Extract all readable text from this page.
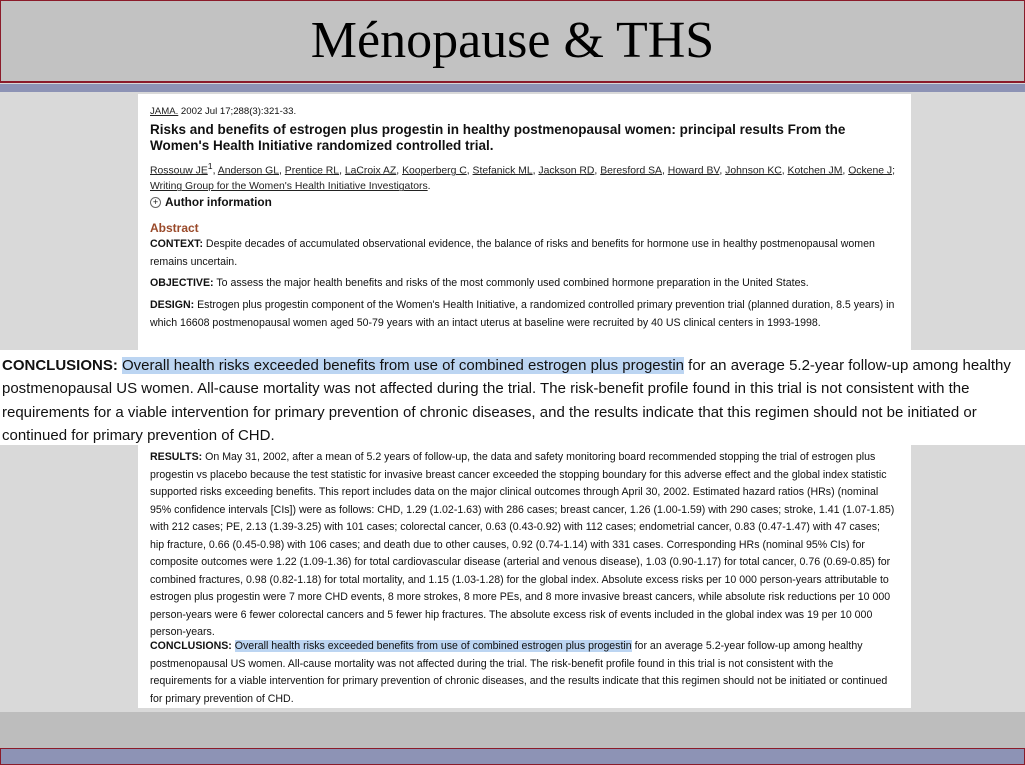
Ménopause & THS
JAMA. 2002 Jul 17;288(3):321-33.
Risks and benefits of estrogen plus progestin in healthy postmenopausal women: principal results From the Women's Health Initiative randomized controlled trial.
Rossouw $JE^1$, Anderson GL, Prentice RL, LaCroix AZ, Kooperberg C, Stefanick ML, Jackson RD, Beresford SA, Howard BV, Johnson KC, Kotchen JM, Ockene J; Writing Group for the Women's Health Initiative Investigators.
+ Author information
Abstract
CONTEXT: Despite decades of accumulated observational evidence, the balance of risks and benefits for hormone use in healthy postmenopausal women remains uncertain.
OBJECTIVE: To assess the major health benefits and risks of the most commonly used combined hormone preparation in the United States.
DESIGN: Estrogen plus progestin component of the Women's Health Initiative, a randomized controlled primary prevention trial (planned duration, 8.5 years) in which 16608 postmenopausal women aged 50-79 years with an intact uterus at baseline were recruited by 40 US clinical centers in 1993-1998.

CONCLUSIONS: Overall health risks exceeded benefits from use of combined estrogen plus progestin for an average 5.2-year follow-up among healthy postmenopausal US women. All-cause mortality was not affected during the trial. The risk-benefit profile found in this trial is not consistent with the requirements for a viable intervention for primary prevention of chronic diseases, and the results indicate that this regimen should not be initiated or continued for primary prevention of CHD.

RESULTS: On May 31, 2002, after a mean of 5.2 years of follow-up, the data and safety monitoring board recommended stopping the trial of estrogen plus progestin vs placebo because the test statistic for invasive breast cancer exceeded the stopping boundary for this adverse effect and the global index statistic supported risks exceeding benefits. This report includes data on the major clinical outcomes through April 30, 2002. Estimated hazard ratios (HRs) (nominal 95% confidence intervals [CIs]) were as follows: CHD, 1.29 (1.02-1.63) with 286 cases; breast cancer, 1.26 (1.00-1.59) with 290 cases; stroke, 1.41 (1.07-1.85) with 212 cases; PE, 2.13 (1.39-3.25) with 101 cases; colorectal cancer, 0.63 (0.43-0.92) with 112 cases; endometrial cancer, 0.83 (0.47-1.47) with 47 cases; hip fracture, 0.66 (0.45-0.98) with 106 cases; and death due to other causes, 0.92 (0.74-1.14) with 331 cases. Corresponding HRs (nominal 95% CIs) for composite outcomes were 1.22 (1.09-1.36) for total cardiovascular disease (arterial and venous disease), 1.03 (0.90-1.17) for total cancer, 0.76 (0.69-0.85) for combined fractures, 0.98 (0.82-1.18) for total mortality, and 1.15 (1.03-1.28) for the global index. Absolute excess risks per 10 000 person-years attributable to estrogen plus progestin were 7 more CHD events, 8 more strokes, 8 more PEs, and 8 more invasive breast cancers, while absolute risk reductions per 10 000 person-years were 6 fewer colorectal cancers and 5 fewer hip fractures. The absolute excess risk of events included in the global index was 19 per 10 000 person-years.
CONCLUSIONS: Overall health risks exceeded benefits from use of combined estrogen plus progestin for an average 5.2-year follow-up among healthy postmenopausal US women. All-cause mortality was not affected during the trial. The risk-benefit profile found in this trial is not consistent with the requirements for a viable intervention for primary prevention of chronic diseases, and the results indicate that this regimen should not be initiated or continued for primary prevention of CHD.
